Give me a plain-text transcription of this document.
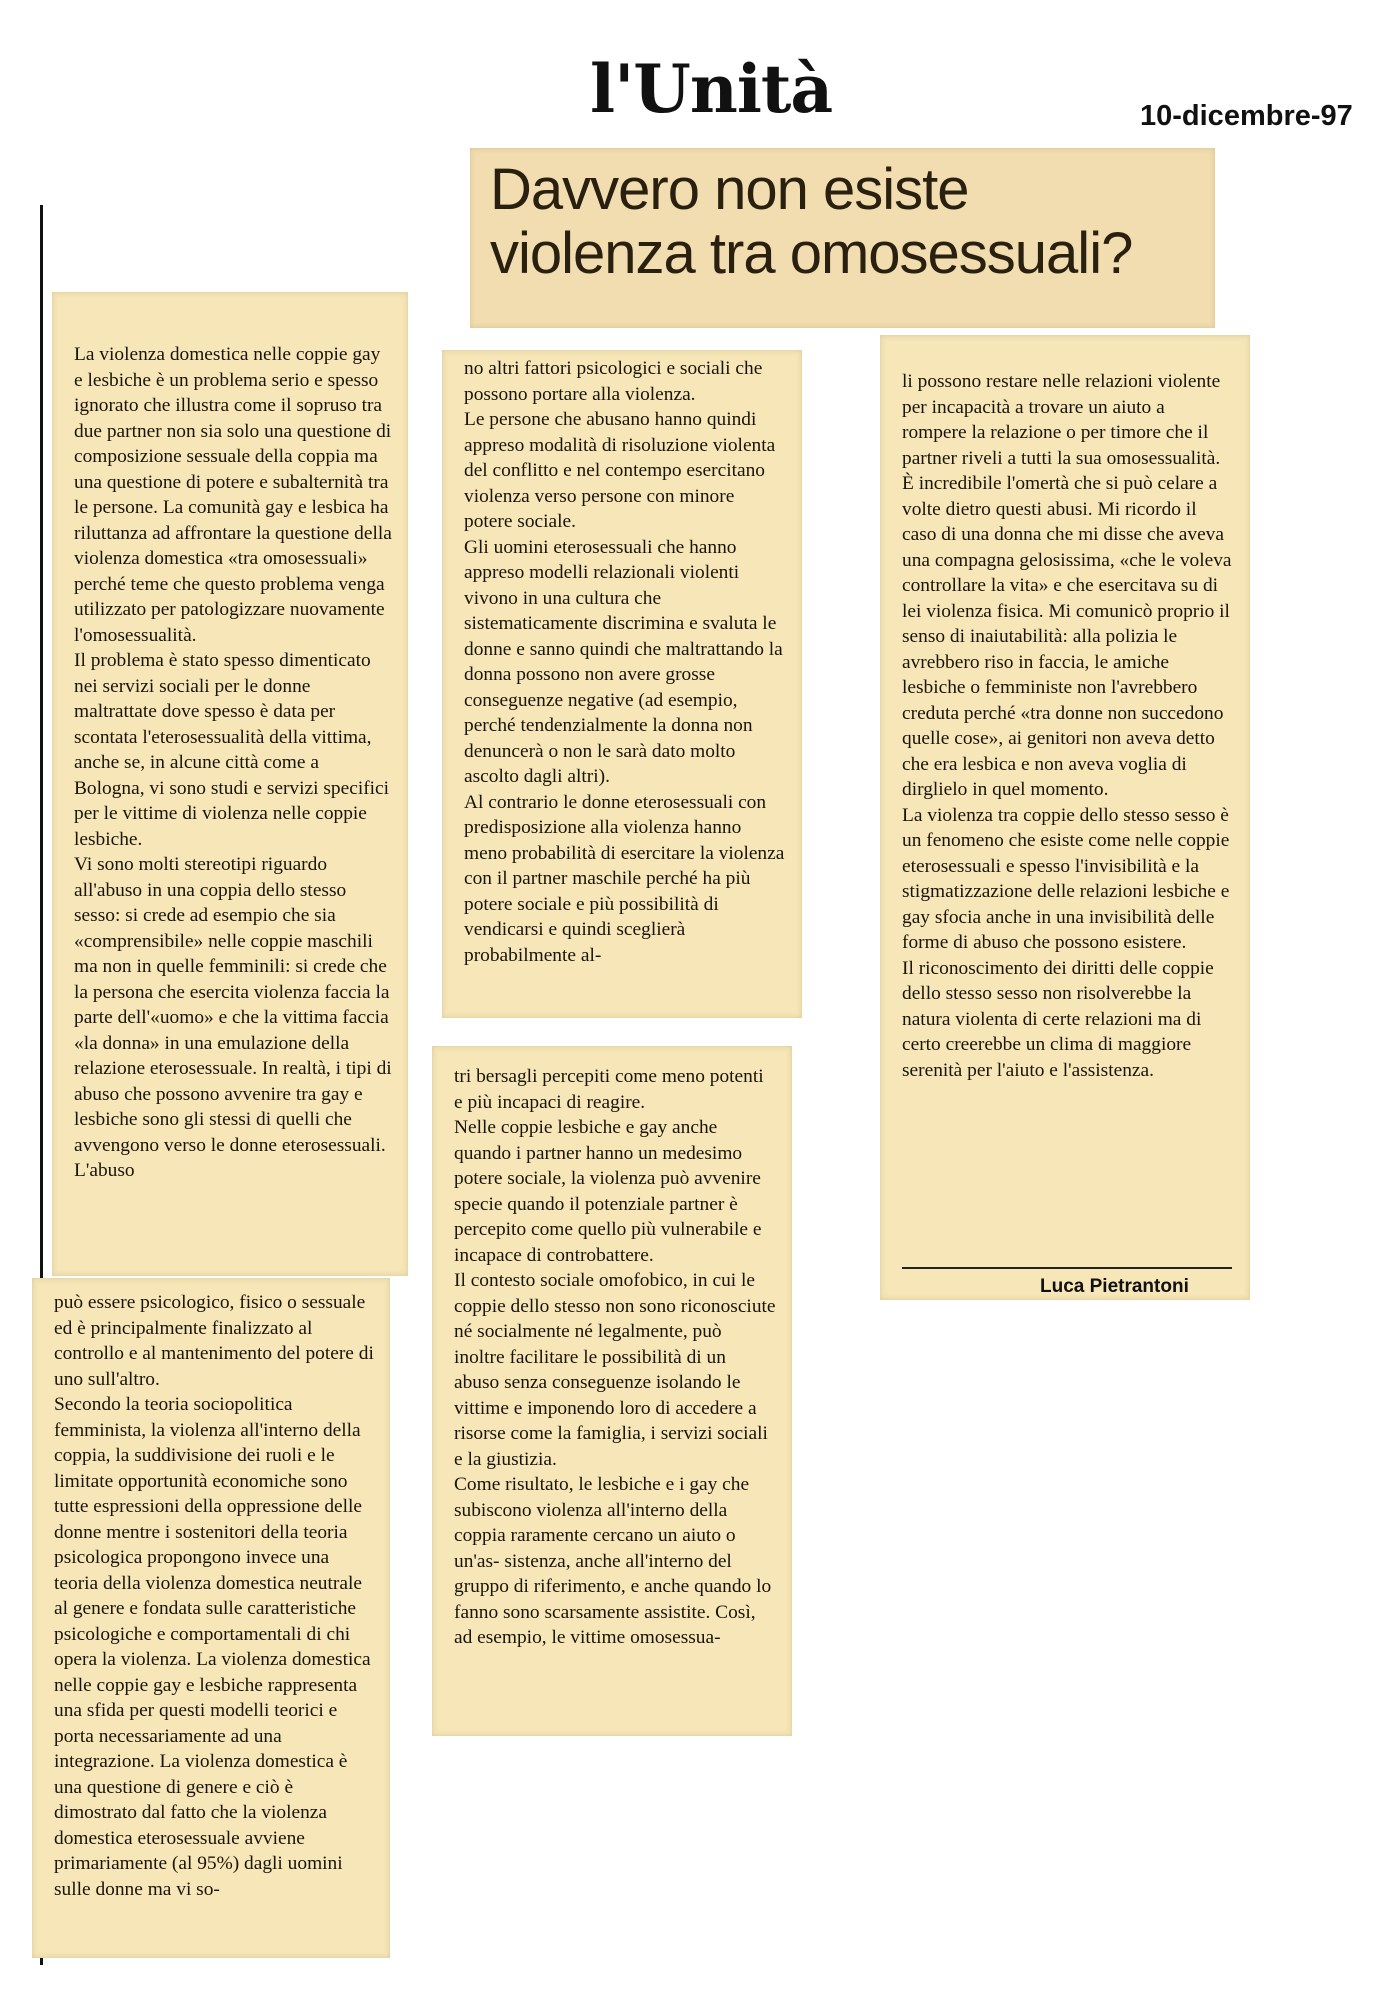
l'Unità	10-dicembre-97
Davvero non esiste
violenza tra omosessuali?

La violenza domestica nelle coppie gay e lesbiche è un problema serio e spesso ignorato che illustra come il sopruso tra due partner non sia solo una questione di composizione sessuale della coppia ma una questione di potere e subalternità tra le persone. La comunità gay e lesbica ha riluttanza ad affrontare la questione della violenza domestica «tra omosessuali» perché teme che questo problema venga utilizzato per patologizzare nuovamente l'omosessualità.

Il problema è stato spesso dimenticato nei servizi sociali per le donne maltrattate dove spesso è data per scontata l'eterosessualità della vittima, anche se, in alcune città come a Bologna, vi sono studi e servizi specifici per le vittime di violenza nelle coppie lesbiche.

Vi sono molti stereotipi riguardo all'abuso in una coppia dello stesso sesso: si crede ad esempio che sia «comprensibile» nelle coppie maschili ma non in quelle femminili: si crede che la persona che esercita violenza faccia la parte dell'«uomo» e che la vittima faccia «la donna» in una emulazione della relazione eterosessuale. In realtà, i tipi di abuso che possono avvenire tra gay e lesbiche sono gli stessi di quelli che avvengono verso le donne eterosessuali. L'abuso

può essere psicologico, fisico o sessuale ed è principalmente finalizzato al controllo e al mantenimento del potere di uno sull'altro.

Secondo la teoria sociopolitica femminista, la violenza all'interno della coppia, la suddivisione dei ruoli e le limitate opportunità economiche sono tutte espressioni della oppressione delle donne mentre i sostenitori della teoria psicologica propongono invece una teoria della violenza domestica neutrale al genere e fondata sulle caratteristiche psicologiche e comportamentali di chi opera la violenza. La violenza domestica nelle coppie gay e lesbiche rappresenta una sfida per questi modelli teorici e porta necessariamente ad una integrazione. La violenza domestica è una questione di genere e ciò è dimostrato dal fatto che la violenza domestica eterosessuale avviene primariamente (al 95%) dagli uomini sulle donne ma vi so-

no altri fattori psicologici e sociali che possono portare alla violenza.

Le persone che abusano hanno quindi appreso modalità di risoluzione violenta del conflitto e nel contempo esercitano violenza verso persone con minore potere sociale.

Gli uomini eterosessuali che hanno appreso modelli relazionali violenti vivono in una cultura che sistematicamente discrimina e svaluta le donne e sanno quindi che maltrattando la donna possono non avere grosse conseguenze negative (ad esempio, perché tendenzialmente la donna non denuncerà o non le sarà dato molto ascolto dagli altri).

Al contrario le donne eterosessuali con predisposizione alla violenza hanno meno probabilità di esercitare la violenza con il partner maschile perché ha più potere sociale e più possibilità di vendicarsi e quindi sceglierà probabilmente al-

tri bersagli percepiti come meno potenti e più incapaci di reagire.

Nelle coppie lesbiche e gay anche quando i partner hanno un medesimo potere sociale, la violenza può avvenire specie quando il potenziale partner è percepito come quello più vulnerabile e incapace di controbattere.

Il contesto sociale omofobico, in cui le coppie dello stesso non sono riconosciute né socialmente né legalmente, può inoltre facilitare le possibilità di un abuso senza conseguenze isolando le vittime e imponendo loro di accedere a risorse come la famiglia, i servizi sociali e la giustizia.

Come risultato, le lesbiche e i gay che subiscono violenza all'interno della coppia raramente cercano un aiuto o un'as- sistenza, anche all'interno del gruppo di riferimento, e anche quando lo fanno sono scarsamente assistite. Così, ad esempio, le vittime omosessua-

li possono restare nelle relazioni violente per incapacità a trovare un aiuto a rompere la relazione o per timore che il partner riveli a tutti la sua omosessualità. È incredibile l'omertà che si può celare a volte dietro questi abusi. Mi ricordo il caso di una donna che mi disse che aveva una compagna gelosissima, «che le voleva controllare la vita» e che esercitava su di lei violenza fisica. Mi comunicò proprio il senso di inaiutabilità: alla polizia le avrebbero riso in faccia, le amiche lesbiche o femministe non l'avrebbero creduta perché «tra donne non succedono quelle cose», ai genitori non aveva detto che era lesbica e non aveva voglia di dirglielo in quel momento.

La violenza tra coppie dello stesso sesso è un fenomeno che esiste come nelle coppie eterosessuali e spesso l'invisibilità e la stigmatizzazione delle relazioni lesbiche e gay sfocia anche in una invisibilità delle forme di abuso che possono esistere.

Il riconoscimento dei diritti delle coppie dello stesso sesso non risolverebbe la natura violenta di certe relazioni ma di certo creerebbe un clima di maggiore serenità per l'aiuto e l'assistenza.

Luca Pietrantoni
